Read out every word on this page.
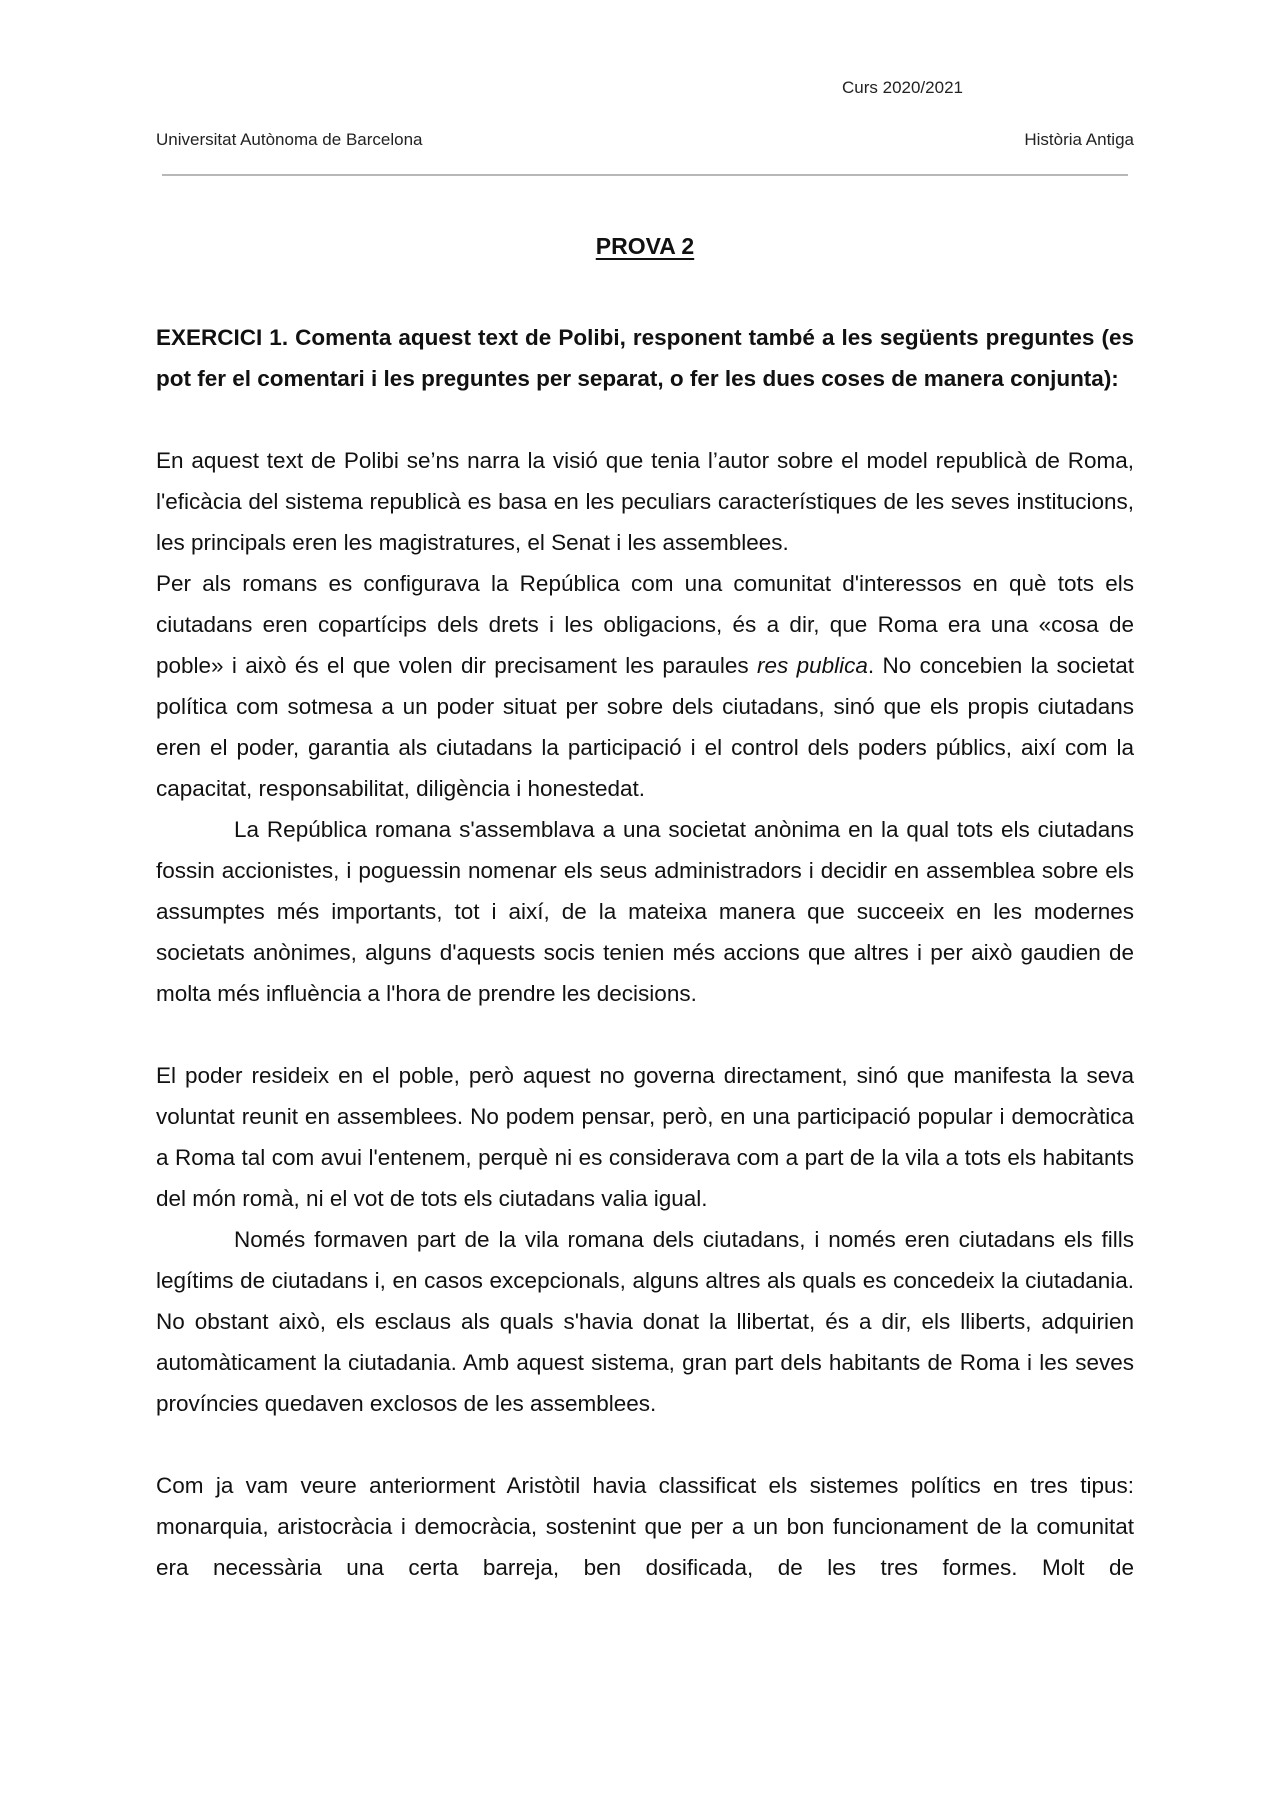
Curs 2020/2021
Universitat Autònoma de Barcelona	Història Antiga
PROVA 2

EXERCICI 1. Comenta aquest text de Polibi, responent també a les següents preguntes (es pot fer el comentari i les preguntes per separat, o fer les dues coses de manera conjunta):

En aquest text de Polibi se’ns narra la visió que tenia l’autor sobre el model republicà de Roma, l'eficàcia del sistema republicà es basa en les peculiars característiques de les seves institucions, les principals eren les magistratures, el Senat i les assemblees.

Per als romans es configurava la República com una comunitat d'interessos en què tots els ciutadans eren copartícips dels drets i les obligacions, és a dir, que Roma era una «cosa de poble» i això és el que volen dir precisament les paraules res publica. No concebien la societat política com sotmesa a un poder situat per sobre dels ciutadans, sinó que els propis ciutadans eren el poder, garantia als ciutadans la participació i el control dels poders públics, així com la capacitat, responsabilitat, diligència i honestedat.

La República romana s'assemblava a una societat anònima en la qual tots els ciutadans fossin accionistes, i poguessin nomenar els seus administradors i decidir en assemblea sobre els assumptes més importants, tot i així, de la mateixa manera que succeeix en les modernes societats anònimes, alguns d'aquests socis tenien més accions que altres i per això gaudien de molta més influència a l'hora de prendre les decisions.

El poder resideix en el poble, però aquest no governa directament, sinó que manifesta la seva voluntat reunit en assemblees. No podem pensar, però, en una participació popular i democràtica a Roma tal com avui l'entenem, perquè ni es considerava com a part de la vila a tots els habitants del món romà, ni el vot de tots els ciutadans valia igual.

Només formaven part de la vila romana dels ciutadans, i només eren ciutadans els fills legítims de ciutadans i, en casos excepcionals, alguns altres als quals es concedeix la ciutadania. No obstant això, els esclaus als quals s'havia donat la llibertat, és a dir, els lliberts, adquirien automàticament la ciutadania. Amb aquest sistema, gran part dels habitants de Roma i les seves províncies quedaven exclosos de les assemblees.

Com ja vam veure anteriorment Aristòtil havia classificat els sistemes polítics en tres tipus: monarquia, aristocràcia i democràcia, sostenint que per a un bon funcionament de la comunitat era necessària una certa barreja, ben dosificada, de les tres formes. Molt de
